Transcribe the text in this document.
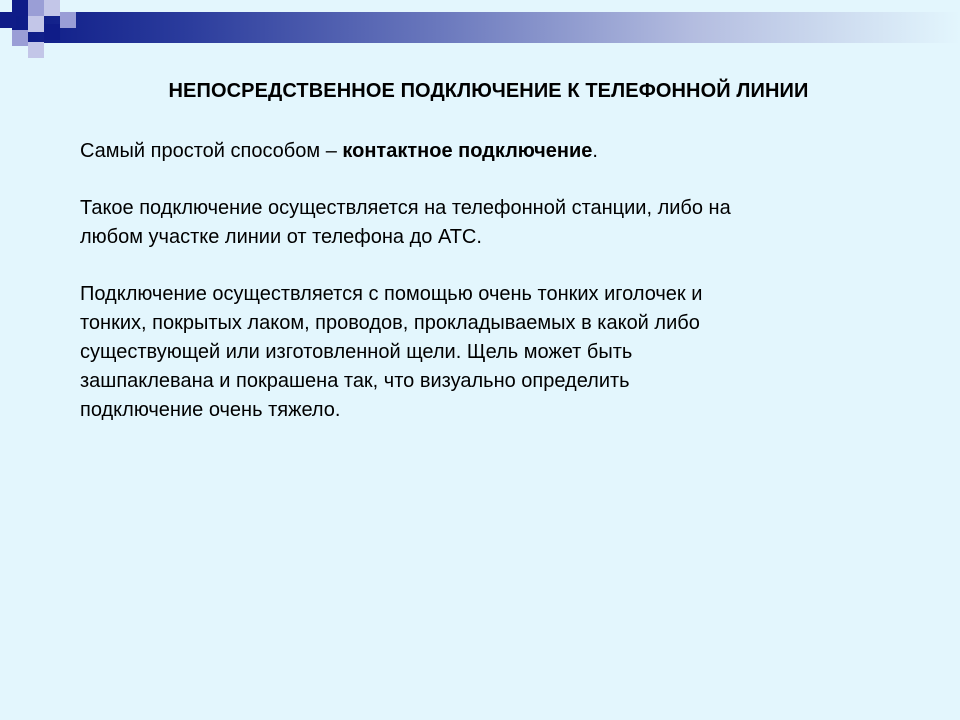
НЕПОСРЕДСТВЕННОЕ ПОДКЛЮЧЕНИЕ К ТЕЛЕФОННОЙ ЛИНИИ

Самый простой способом – контактное подключение.

Такое подключение осуществляется на телефонной станции, либо на
любом участке линии от телефона до АТС.

Подключение осуществляется с помощью очень тонких иголочек и
тонких, покрытых лаком, проводов, прокладываемых в какой либо
существующей или изготовленной щели. Щель может быть
зашпаклевана и покрашена так, что визуально определить
подключение очень тяжело.
